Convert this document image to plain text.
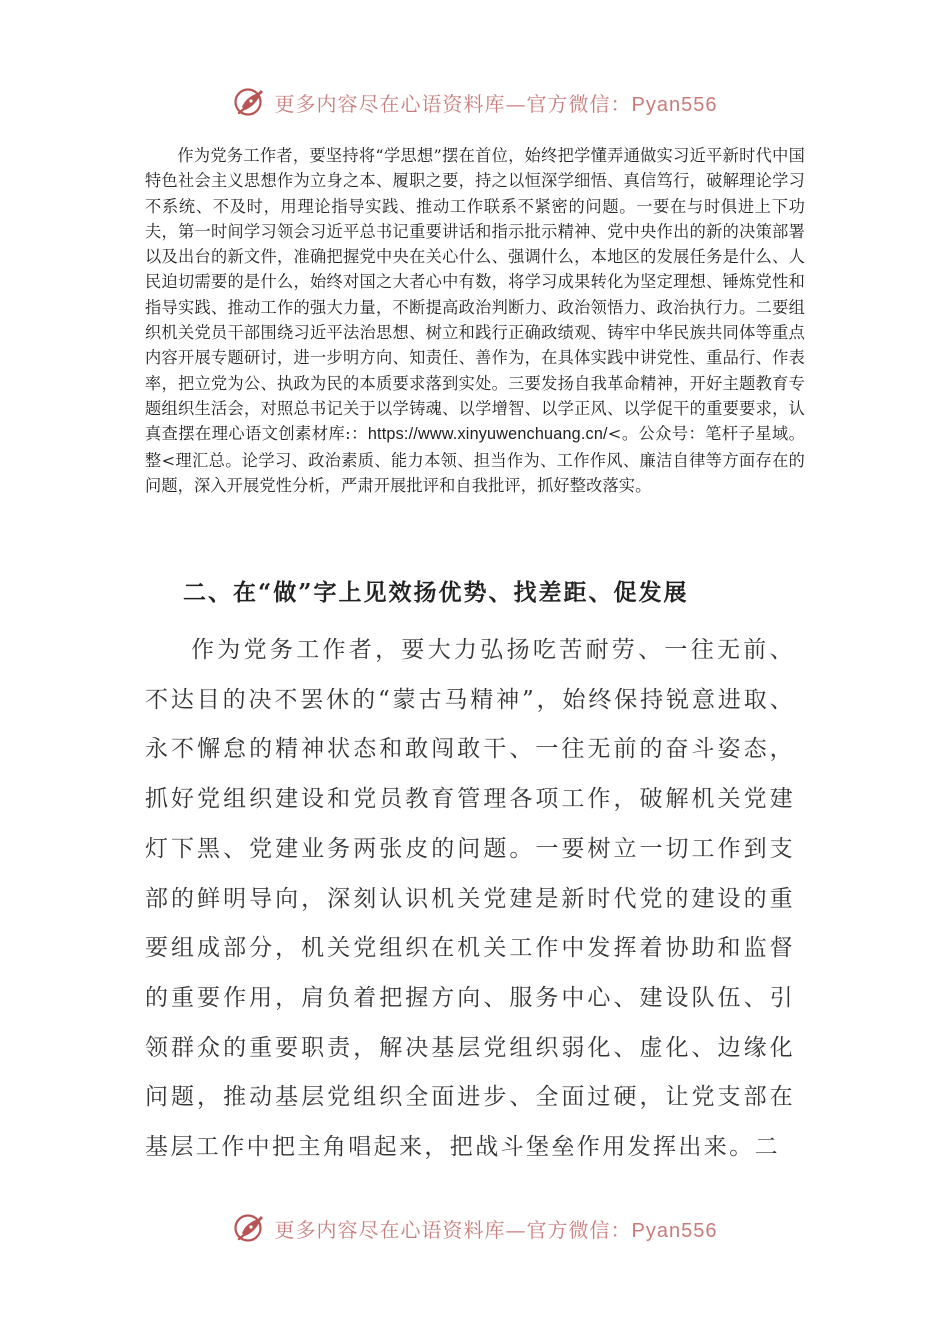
更多内容尽在心语资料库—官方微信：Pyan556

作为党务工作者，要坚持将“学思想”摆在首位，始终把学懂弄通做实习近平新时代中国特色社会主义思想作为立身之本、履职之要，持之以恒深学细悟、真信笃行，破解理论学习不系统、不及时，用理论指导实践、推动工作联系不紧密的问题。一要在与时俱进上下功夫，第一时间学习领会习近平总书记重要讲话和指示批示精神、党中央作出的新的决策部署以及出台的新文件，准确把握党中央在关心什么、强调什么，本地区的发展任务是什么、人民迫切需要的是什么，始终对国之大者心中有数，将学习成果转化为坚定理想、锤炼党性和指导实践、推动工作的强大力量，不断提高政治判断力、政治领悟力、政治执行力。二要组织机关党员干部围绕习近平法治思想、树立和践行正确政绩观、铸牢中华民族共同体等重点内容开展专题研讨，进一步明方向、知责任、善作为，在具体实践中讲党性、重品行、作表率，把立党为公、执政为民的本质要求落到实处。三要发扬自我革命精神，开好主题教育专题组织生活会，对照总书记关于以学铸魂、以学增智、以学正风、以学促干的重要要求，认真查摆在理心语文创素材库:：https://www.xinyuwenchuang.cn/<。公众号：笔杆子星域。整<理汇总。论学习、政治素质、能力本领、担当作为、工作作风、廉洁自律等方面存在的问题，深入开展党性分析，严肃开展批评和自我批评，抓好整改落实。

二、在“做”字上见效扬优势、找差距、促发展

作为党务工作者，要大力弘扬吃苦耐劳、一往无前、不达目的决不罢休的“蒙古马精神”，始终保持锐意进取、永不懈怠的精神状态和敢闯敢干、一往无前的奋斗姿态，抓好党组织建设和党员教育管理各项工作，破解机关党建灯下黑、党建业务两张皮的问题。一要树立一切工作到支部的鲜明导向，深刻认识机关党建是新时代党的建设的重要组成部分，机关党组织在机关工作中发挥着协助和监督的重要作用，肩负着把握方向、服务中心、建设队伍、引领群众的重要职责，解决基层党组织弱化、虚化、边缘化问题，推动基层党组织全面进步、全面过硬，让党支部在基层工作中把主角唱起来，把战斗堡垒作用发挥出来。二

更多内容尽在心语资料库—官方微信：Pyan556
